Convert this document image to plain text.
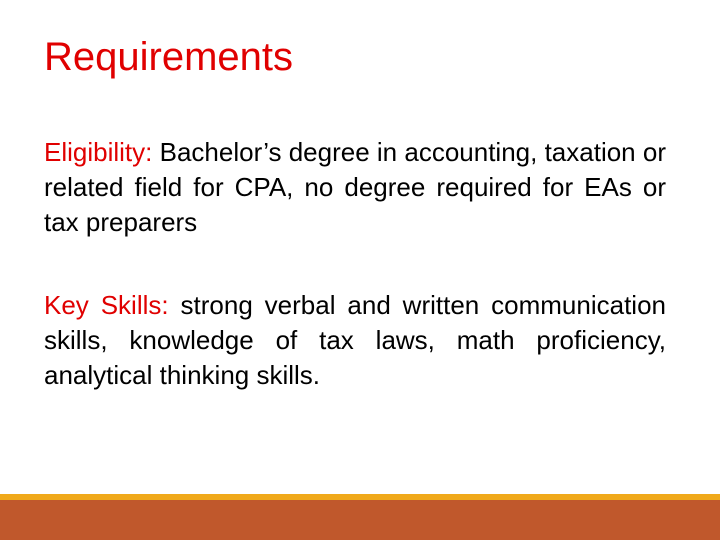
Requirements
Eligibility: Bachelor’s degree in accounting, taxation or related field for CPA, no degree required for EAs or tax preparers
Key Skills: strong verbal and written communication skills, knowledge of tax laws, math proficiency, analytical thinking skills.
